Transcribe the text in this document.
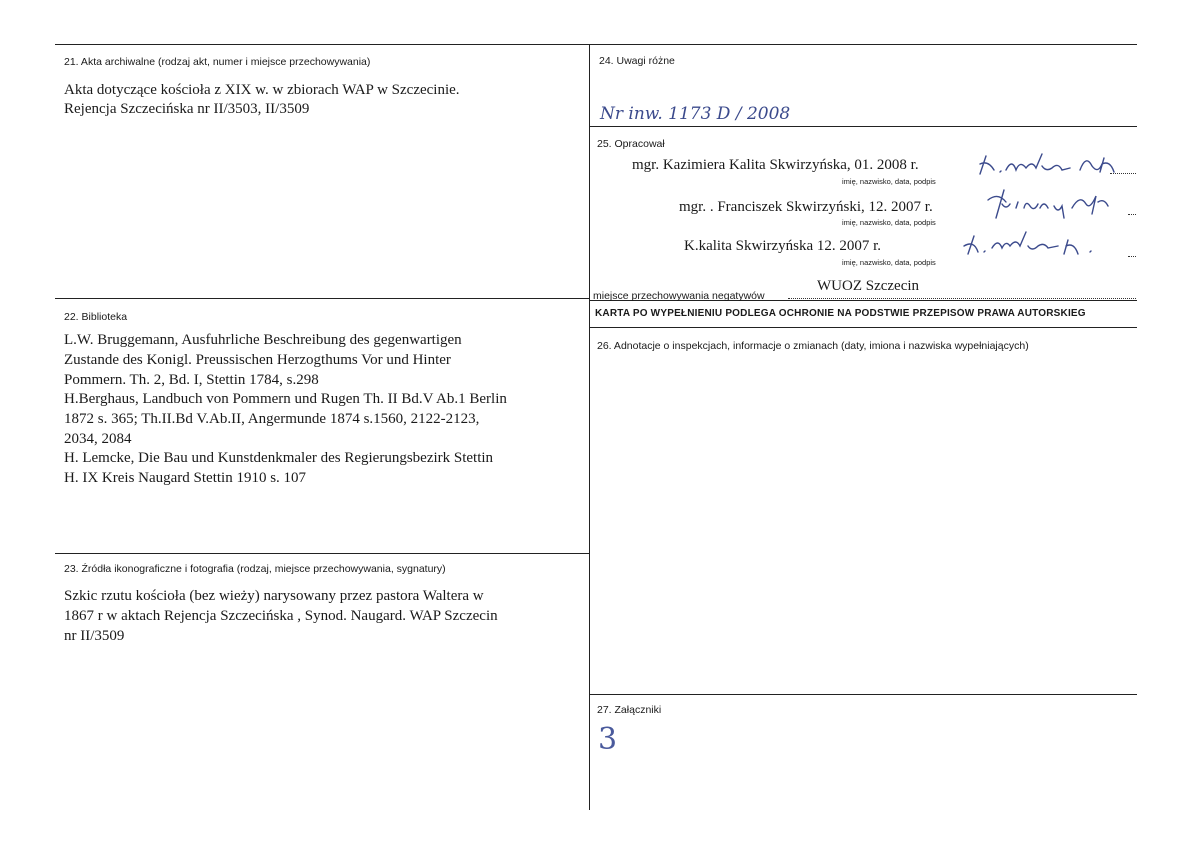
21. Akta archiwalne (rodzaj akt, numer i miejsce przechowywania)
Akta dotyczące kościoła z XIX w. w zbiorach WAP w Szczecinie.
Rejencja Szczecińska nr II/3503, II/3509
22. Biblioteka
L.W. Bruggemann, Ausfuhrliche Beschreibung des gegenwartigen
Zustande des Konigl. Preussischen Herzogthums Vor und Hinter
Pommern. Th. 2, Bd. I, Stettin 1784, s.298
H.Berghaus, Landbuch von Pommern und Rugen Th. II Bd.V Ab.1 Berlin
1872 s. 365; Th.II.Bd V.Ab.II, Angermunde 1874 s.1560, 2122-2123,
2034, 2084
H. Lemcke, Die Bau und Kunstdenkmaler des Regierungsbezirk Stettin
H. IX Kreis Naugard Stettin 1910 s. 107
23. Źródła ikonograficzne i fotografia (rodzaj, miejsce przechowywania, sygnatury)
Szkic rzutu kościoła (bez wieży) narysowany przez pastora Waltera w
1867 r w aktach Rejencja Szczecińska , Synod. Naugard. WAP Szczecin
nr II/3509
24. Uwagi różne
Nr inw. 1173 D / 2008
25. Opracował
mgr. Kazimiera Kalita Skwirzyńska, 01. 2008 r.
imię, nazwisko, data, podpis
mgr. . Franciszek Skwirzyński, 12. 2007 r.
imię, nazwisko, data, podpis
K.kalita Skwirzyńska 12. 2007 r.
imię, nazwisko, data, podpis
miejsce przechowywania negatywów
WUOZ Szczecin
KARTA PO WYPEŁNIENIU PODLEGA OCHRONIE NA PODSTWIE PRZEPISÓW PRAWA AUTORSKIEG
26. Adnotacje o inspekcjach, informacje o zmianach (daty, imiona i nazwiska wypełniających)
27. Załączniki
3
